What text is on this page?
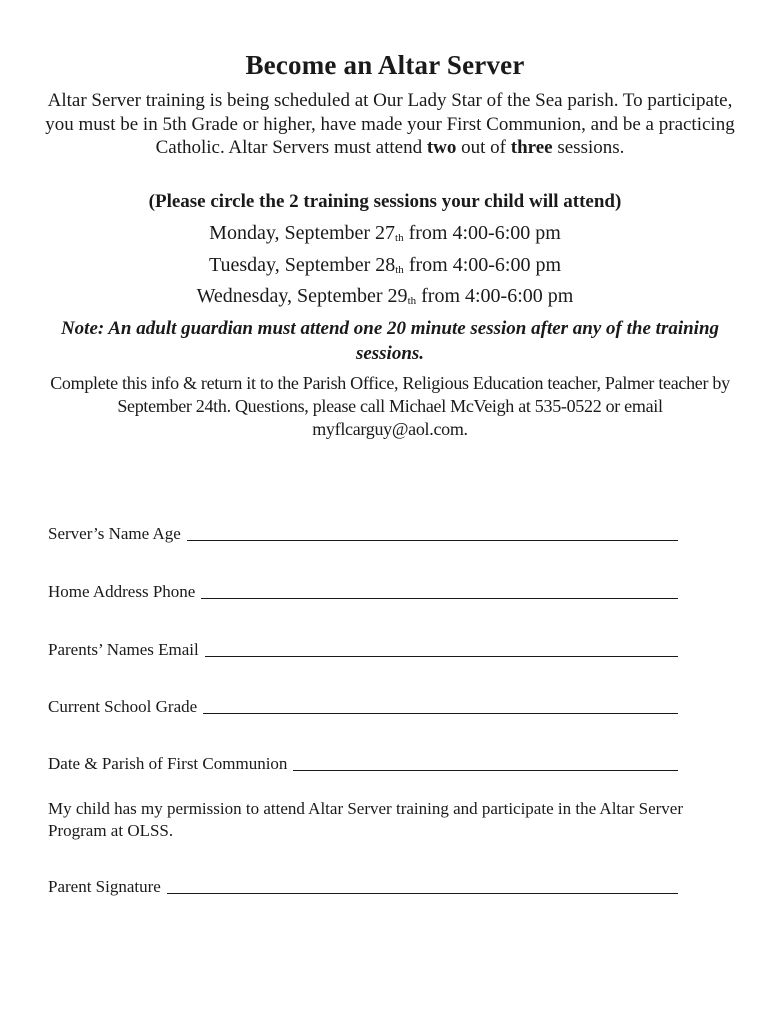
Become an Altar Server
Altar Server training is being scheduled at Our Lady Star of the Sea parish. To participate, you must be in 5th Grade or higher, have made your First Communion, and be a practicing Catholic. Altar Servers must attend two out of three sessions.
(Please circle the 2 training sessions your child will attend)
Monday, September $27_{th}$ from 4:00-6:00 pm
Tuesday, September $28_{th}$ from 4:00-6:00 pm
Wednesday, September $29_{th}$ from 4:00-6:00 pm
Note: An adult guardian must attend one 20 minute session after any of the training sessions.
Complete this info & return it to the Parish Office, Religious Education teacher, Palmer teacher by September 24th. Questions, please call Michael McVeigh at 535-0522 or email myflcarguy@aol.com.
Server’s Name Age
Home Address Phone
Parents’ Names Email
Current School Grade
Date & Parish of First Communion
My child has my permission to attend Altar Server training and participate in the Altar Server Program at OLSS.
Parent Signature
